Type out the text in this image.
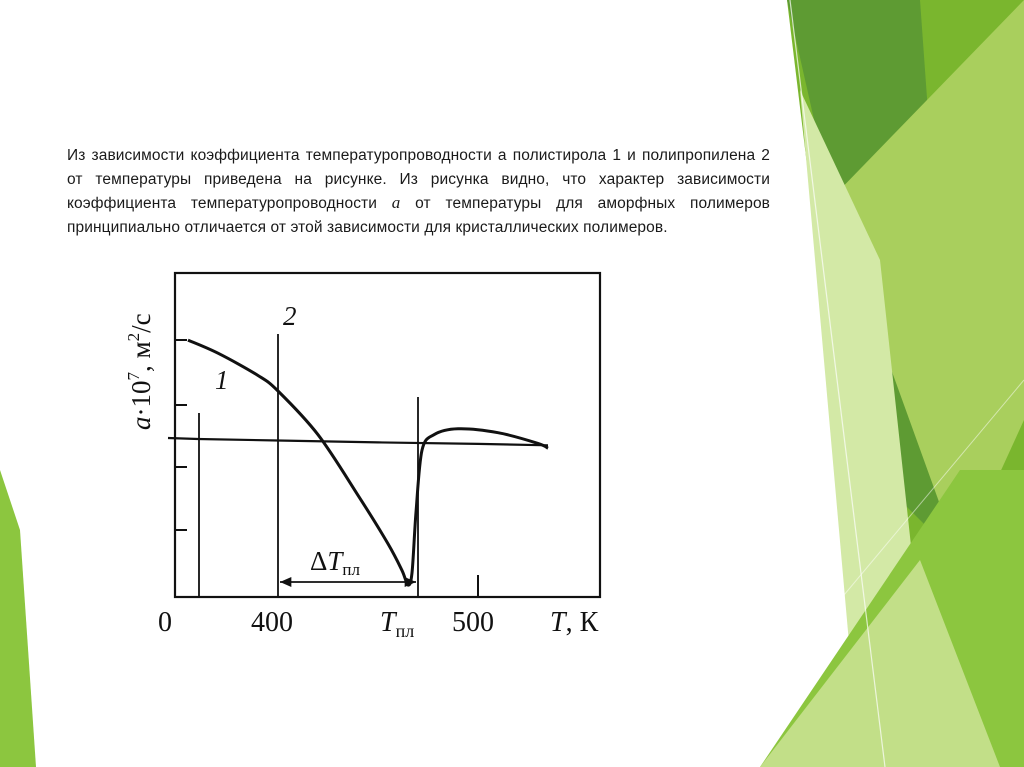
Из зависимости коэффициента температуропроводности а полистирола 1 и полипропилена 2 от температуры приведена на рисунке. Из рисунка видно, что характер зависимости коэффициента температуропроводности a от температуры для аморфных полимеров принципиально отличается от этой зависимости для кристаллических полимеров.

ΔTпл
1
2
$a\cdot 10^7$, $м^2/с$
0	400	500
$T_{пл}$	T, К
